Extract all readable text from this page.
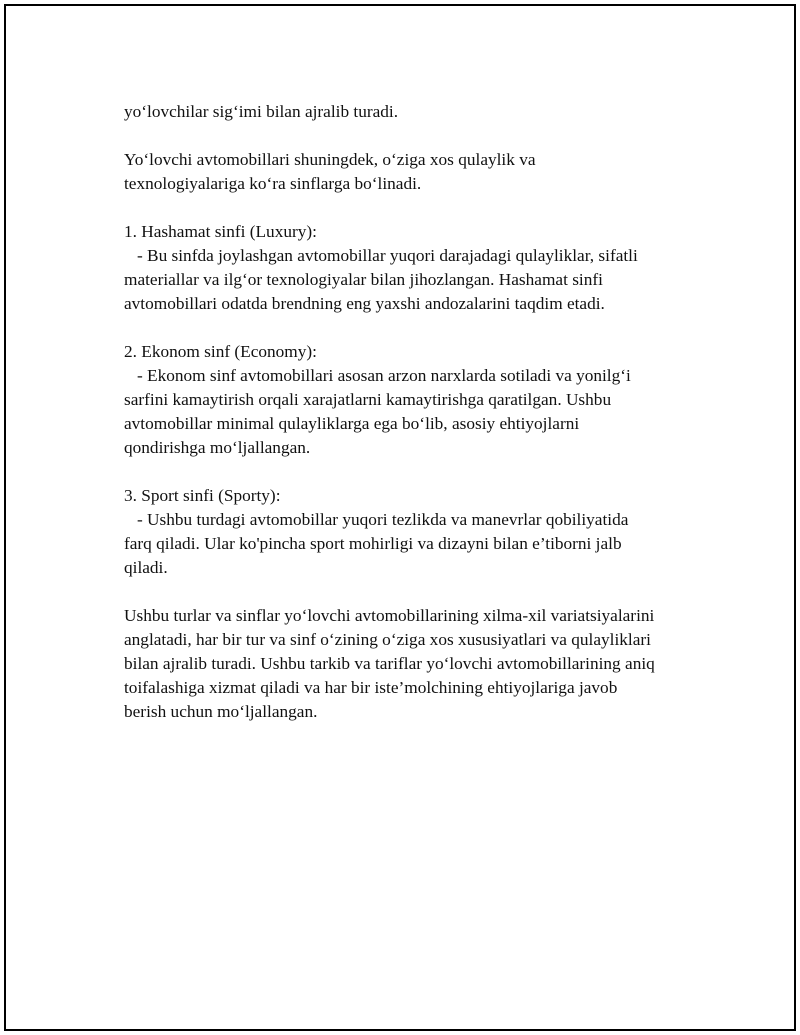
yo‘lovchilar sig‘imi bilan ajralib turadi.
Yo‘lovchi avtomobillari shuningdek, o‘ziga xos qulaylik va
texnologiyalariga ko‘ra sinflarga bo‘linadi.
1. Hashamat sinfi (Luxury):
- Bu sinfda joylashgan avtomobillar yuqori darajadagi qulayliklar, sifatli
materiallar va ilg‘or texnologiyalar bilan jihozlangan. Hashamat sinfi
avtomobillari odatda brendning eng yaxshi andozalarini taqdim etadi.
2. Ekonom sinf (Economy):
- Ekonom sinf avtomobillari asosan arzon narxlarda sotiladi va yonilg‘i
sarfini kamaytirish orqali xarajatlarni kamaytirishga qaratilgan. Ushbu
avtomobillar minimal qulayliklarga ega bo‘lib, asosiy ehtiyojlarni
qondirishga mo‘ljallangan.
3. Sport sinfi (Sporty):
- Ushbu turdagi avtomobillar yuqori tezlikda va manevrlar qobiliyatida
farq qiladi. Ular ko'pincha sport mohirligi va dizayni bilan e’tiborni jalb
qiladi.
Ushbu turlar va sinflar yo‘lovchi avtomobillarining xilma-xil variatsiyalarini
anglatadi, har bir tur va sinf o‘zining o‘ziga xos xususiyatlari va qulayliklari
bilan ajralib turadi. Ushbu tarkib va tariflar yo‘lovchi avtomobillarining aniq
toifalashiga xizmat qiladi va har bir iste’molchining ehtiyojlariga javob
berish uchun mo‘ljallangan.
